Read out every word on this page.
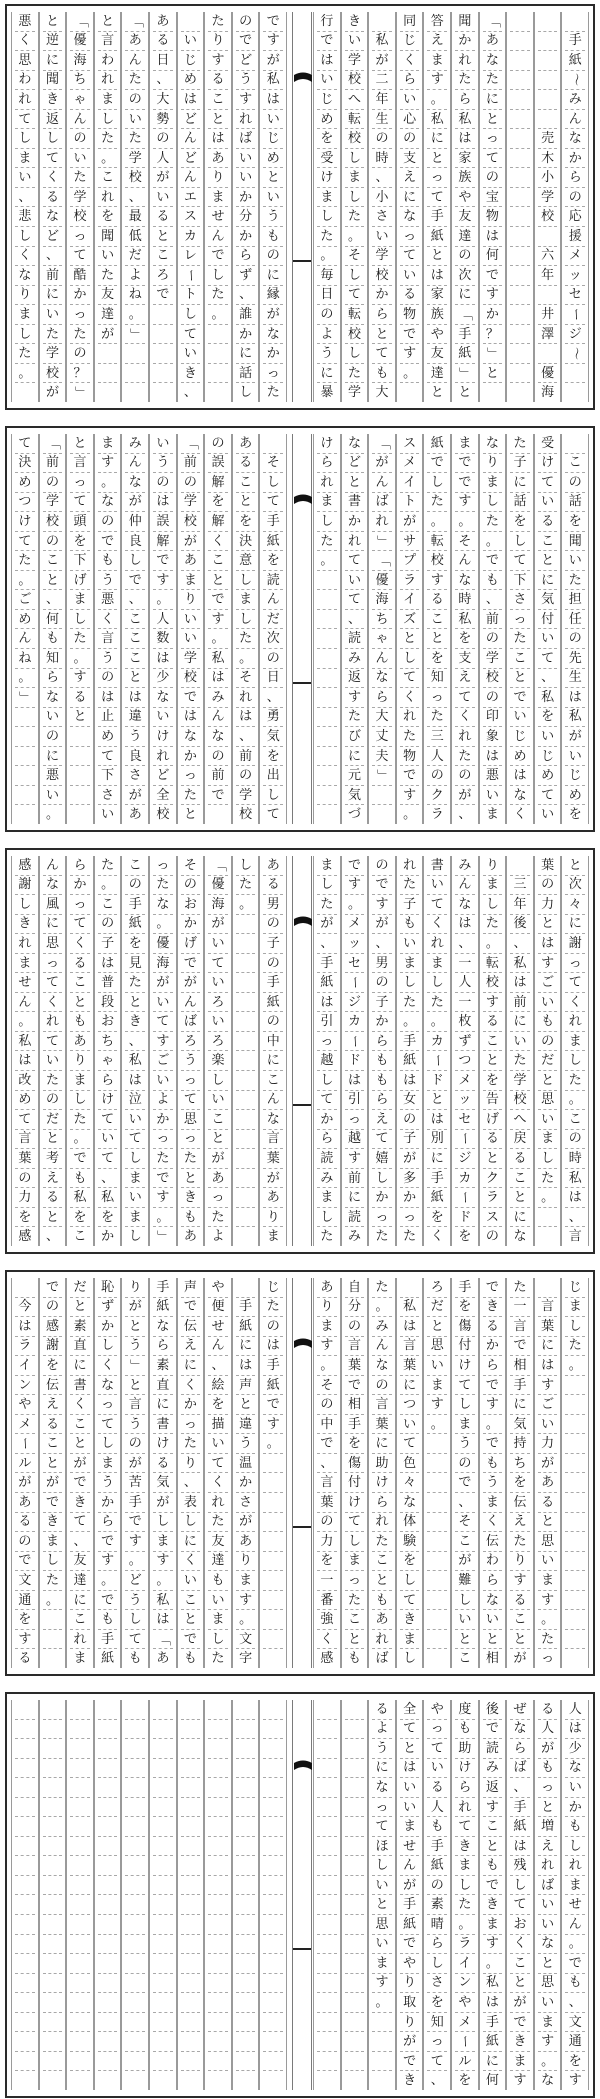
手
紙
〜
み
ん
な
か
ら
の
応
援
メ
ッ
セ
ー
ジ
〜
売
木
小
学
校
六
年
井
澤
優
海
「
あ
な
た
に
と
っ
て
の
宝
物
は
何
で
す
か
？
」
と
聞
か
れ
た
ら
私
は
家
族
や
友
達
の
次
に
「
手
紙
」
と
答
え
ま
す
。
私
に
と
っ
て
手
紙
と
は
家
族
や
友
達
と
同
じ
く
ら
い
心
の
支
え
に
な
っ
て
い
る
物
で
す
。
私
が
二
年
生
の
時
、
小
さ
い
学
校
か
ら
と
て
も
大
き
い
学
校
へ
転
校
し
ま
し
た
。
そ
し
て
転
校
し
た
学
行
で
は
い
じ
め
を
受
け
ま
し
た
。
毎
日
の
よ
う
に
暴
で
す
が
私
は
い
じ
め
と
い
う
も
の
に
縁
が
な
か
っ
た
の
で
ど
う
す
れ
ば
い
い
か
分
か
ら
ず
、
誰
か
に
話
し
た
り
す
る
こ
と
は
あ
り
ま
せ
ん
で
し
た
。
い
じ
め
は
ど
ん
ど
ん
エ
ス
カ
レ
ー
ト
し
て
い
き
、
あ
る
日
、
大
勢
の
人
が
い
る
と
こ
ろ
で
「
あ
ん
た
の
い
た
学
校
、
最
低
だ
よ
ね
。
」
と
言
わ
れ
ま
し
た
。
こ
れ
を
聞
い
た
友
達
が
「
優
海
ち
ゃ
ん
の
い
た
学
校
っ
て
酷
か
っ
た
の
？
」
と
逆
に
聞
き
返
し
て
く
る
な
ど
、
前
に
い
た
学
校
が
悪
く
思
わ
れ
て
し
ま
い
、
悲
し
く
な
り
ま
し
た
。
こ
の
話
を
聞
い
た
担
任
の
先
生
は
私
が
い
じ
め
を
受
け
て
い
る
こ
と
に
気
付
い
て
、
私
を
い
じ
め
て
い
た
子
に
話
を
し
て
下
さ
っ
た
こ
と
で
い
じ
め
は
な
く
な
り
ま
し
た
。
で
も
、
前
の
学
校
の
印
象
は
悪
い
ま
ま
で
で
す
。
そ
ん
な
時
私
を
支
え
て
く
れ
た
の
が
、
紙
で
し
た
。
転
校
す
る
こ
と
を
知
っ
た
三
人
の
ク
ラ
ス
メ
イ
ト
が
サ
プ
ラ
イ
ズ
と
し
て
く
れ
た
物
で
す
。
「
が
ん
ば
れ
」
「
優
海
ち
ゃ
ん
な
ら
大
丈
夫
」
な
ど
と
書
か
れ
て
い
て
、
読
み
返
す
た
び
に
元
気
づ
け
ら
れ
ま
し
た
。
そ
し
て
手
紙
を
読
ん
だ
次
の
日
、
勇
気
を
出
し
て
あ
る
こ
と
を
決
意
し
ま
し
た
。
そ
れ
は
、
前
の
学
校
の
誤
解
を
解
く
こ
と
で
す
。
私
は
み
ん
な
の
前
で
「
前
の
学
校
が
あ
ま
り
い
い
学
校
で
は
な
か
っ
た
と
い
う
の
は
誤
解
で
す
。
人
数
は
少
な
い
け
れ
ど
全
校
み
ん
な
が
仲
良
し
で
、
こ
こ
こ
と
は
違
う
良
さ
が
あ
ま
す
。
な
の
で
も
う
悪
く
言
う
の
は
止
め
て
下
さ
い
と
言
っ
て
頭
を
下
げ
ま
し
た
。
す
る
と
「
前
の
学
校
の
こ
と
、
何
も
知
ら
な
い
の
に
悪
い
。
て
決
め
つ
け
て
た
。
ご
め
ん
ね
。
」
と
次
々
に
謝
っ
て
く
れ
ま
し
た
。
こ
の
時
私
は
、
言
葉
の
力
と
は
す
ご
い
も
の
だ
と
思
い
ま
し
た
。
三
年
後
、
私
は
前
に
い
た
学
校
へ
戻
る
こ
と
に
な
り
ま
し
た
。
転
校
す
る
こ
と
を
告
げ
る
と
ク
ラ
ス
の
み
ん
な
は
、
一
人
一
枚
ず
つ
メ
ッ
セ
ー
ジ
カ
ー
ド
を
書
い
て
く
れ
ま
し
た
。
カ
ー
ド
と
は
別
に
手
紙
を
く
れ
た
子
も
い
ま
し
た
。
手
紙
は
女
の
子
が
多
か
っ
た
の
で
す
が
、
男
の
子
か
ら
も
も
ら
え
て
嬉
し
か
っ
た
で
す
。
メ
ッ
セ
ー
ジ
カ
ー
ド
は
引
っ
越
す
前
に
読
み
ま
し
た
が
、
手
紙
は
引
っ
越
し
て
か
ら
読
み
ま
し
た
あ
る
男
の
子
の
手
紙
の
中
に
こ
ん
な
言
葉
が
あ
り
ま
し
た
。
「
優
海
が
い
て
い
ろ
い
ろ
楽
し
い
こ
と
が
あ
っ
た
よ
そ
の
お
か
げ
で
が
ん
ば
ろ
う
っ
て
思
っ
た
と
き
も
あ
っ
た
な
。
優
海
が
い
て
す
ご
い
よ
か
っ
た
で
す
。
」
こ
の
手
紙
を
見
た
と
き
、
私
は
泣
い
て
し
ま
い
ま
し
た
。
こ
の
子
は
普
段
お
ち
ゃ
ら
け
て
い
て
、
私
を
か
ら
か
っ
て
く
る
こ
と
も
あ
り
ま
し
た
。
で
も
私
を
こ
ん
な
風
に
思
っ
て
く
れ
て
い
た
の
だ
と
考
え
る
と
、
感
謝
し
き
れ
ま
せ
ん
。
私
は
改
め
て
言
葉
の
力
を
感
じ
ま
し
た
。
言
葉
に
は
す
ご
い
力
が
あ
る
と
思
い
ま
す
。
た
っ
た
一
言
で
相
手
に
気
持
ち
を
伝
え
た
り
す
る
こ
と
が
で
き
る
か
ら
で
す
。
で
も
う
ま
く
伝
わ
ら
な
い
と
相
手
を
傷
付
け
て
し
ま
う
の
で
、
そ
こ
が
難
し
い
と
こ
ろ
だ
と
思
い
ま
す
。
私
は
言
葉
に
つ
い
て
色
々
な
体
験
を
し
て
き
ま
し
た
。
み
ん
な
の
言
葉
に
助
け
ら
れ
た
こ
と
も
あ
れ
ば
自
分
の
言
葉
で
相
手
を
傷
付
け
て
し
ま
っ
た
こ
と
も
あ
り
ま
す
。
そ
の
中
で
、
言
葉
の
力
を
一
番
強
く
感
じ
た
の
は
手
紙
で
す
。
手
紙
に
は
声
と
違
う
温
か
さ
が
あ
り
ま
す
。
文
字
や
便
せ
ん
、
絵
を
描
い
て
く
れ
た
友
達
も
い
ま
し
た
声
で
伝
え
に
く
か
っ
た
り
、
表
し
に
く
い
こ
と
で
も
手
紙
な
ら
素
直
に
書
け
る
気
が
し
ま
す
。
私
は
「
あ
り
が
と
う
」
と
言
う
の
が
苦
手
で
す
。
ど
う
し
て
も
恥
ず
か
し
く
な
っ
て
し
ま
う
か
ら
で
す
。
で
も
手
紙
だ
と
素
直
に
書
く
こ
と
が
で
き
て
、
友
達
に
こ
れ
ま
で
の
感
謝
を
伝
え
る
こ
と
が
で
き
ま
し
た
。
今
は
ラ
イ
ン
や
メ
ー
ル
が
あ
る
の
で
文
通
を
す
る
人
は
少
な
い
か
も
し
れ
ま
せ
ん
。
で
も
、
文
通
を
す
る
人
が
も
っ
と
増
え
れ
ば
い
い
な
と
思
い
ま
す
。
な
ぜ
な
ら
ば
、
手
紙
は
残
し
て
お
く
こ
と
が
で
き
ま
す
後
で
読
み
返
す
こ
と
も
で
き
ま
す
。
私
は
手
紙
に
何
度
も
助
け
ら
れ
て
き
ま
し
た
。
ラ
イ
ン
や
メ
ー
ル
を
や
っ
て
い
る
人
も
手
紙
の
素
晴
ら
し
さ
を
知
っ
て
、
全
て
と
は
い
い
ま
せ
ん
が
手
紙
で
や
り
取
り
が
で
き
る
よ
う
に
な
っ
て
ほ
し
い
と
思
い
ま
す
。
